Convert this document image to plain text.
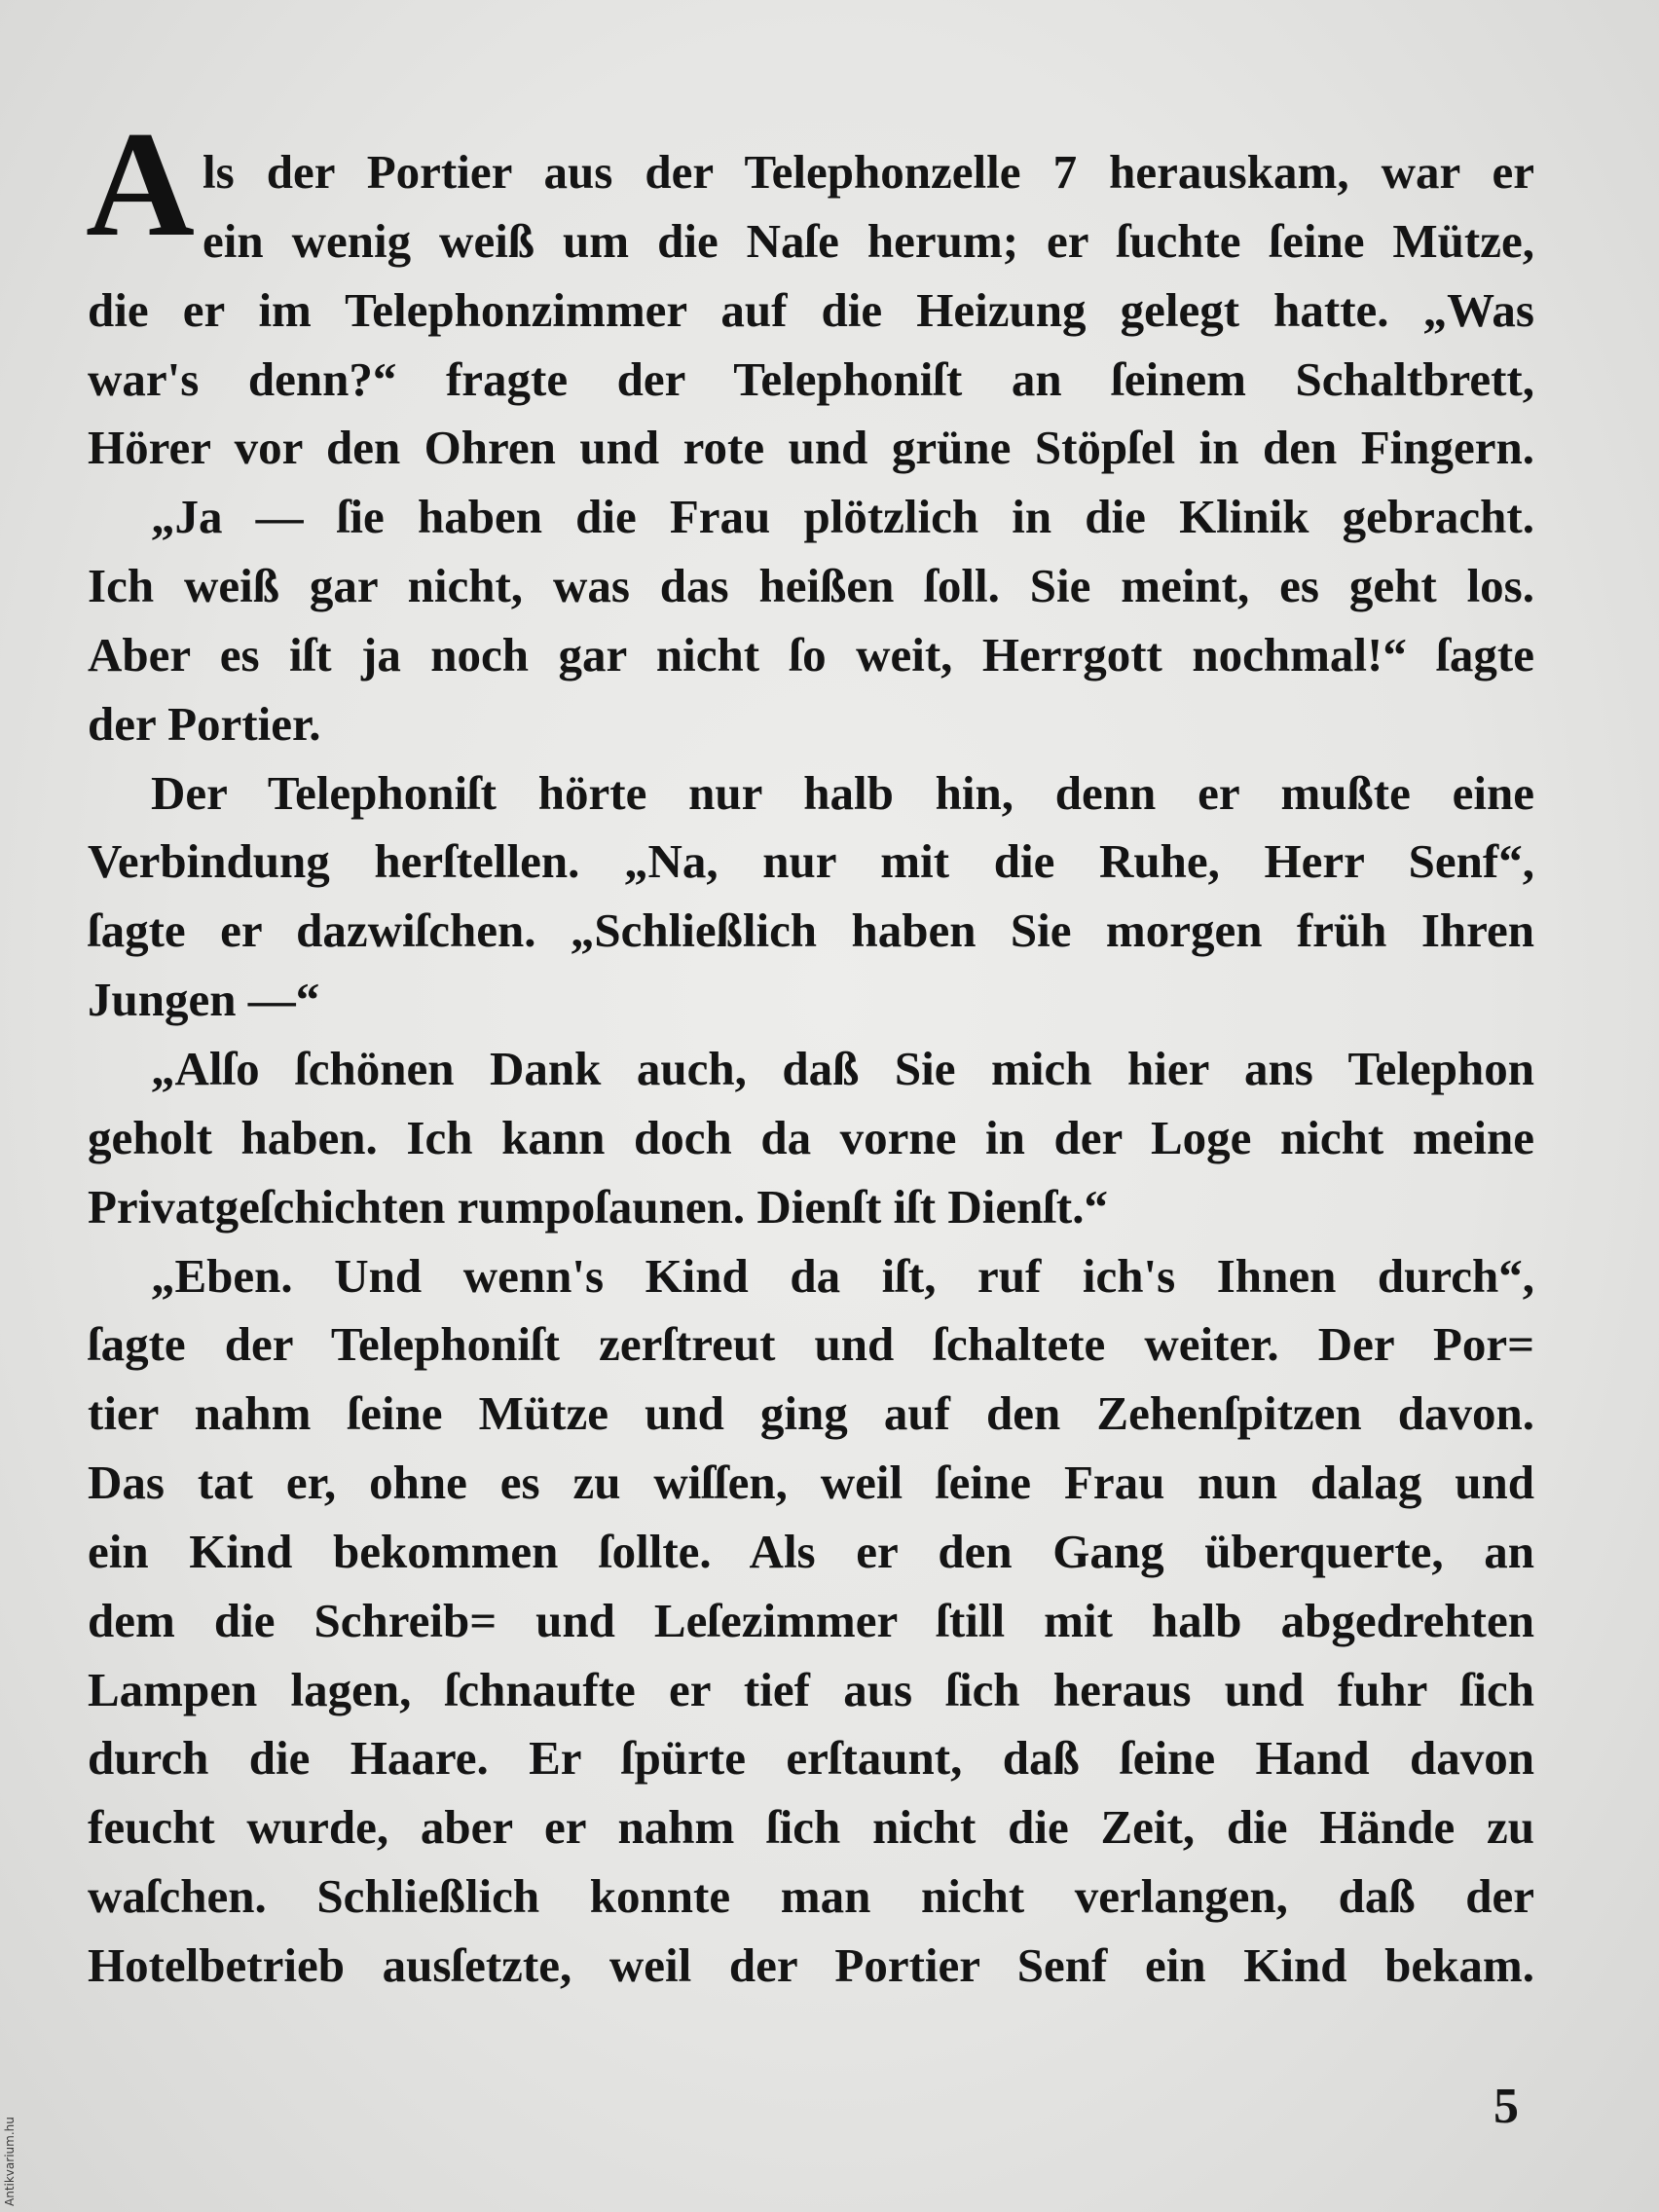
A ls der Portier aus der Telephonzelle 7 herauskam, war er
ein wenig weiß um die Naſe herum; er ſuchte ſeine Mütze,
die er im Telephonzimmer auf die Heizung gelegt hatte. „Was
war's denn?“ fragte der Telephoniſt an ſeinem Schaltbrett,
Hörer vor den Ohren und rote und grüne Stöpſel in den Fingern.
„Ja — ſie haben die Frau plötzlich in die Klinik gebracht.
Ich weiß gar nicht, was das heißen ſoll. Sie meint, es geht los.
Aber es iſt ja noch gar nicht ſo weit, Herrgott nochmal!“ ſagte
der Portier.
Der Telephoniſt hörte nur halb hin, denn er mußte eine
Verbindung herſtellen. „Na, nur mit die Ruhe, Herr Senf“,
ſagte er dazwiſchen. „Schließlich haben Sie morgen früh Ihren
Jungen —“
„Alſo ſchönen Dank auch, daß Sie mich hier ans Telephon
geholt haben. Ich kann doch da vorne in der Loge nicht meine
Privatgeſchichten rumpoſaunen. Dienſt iſt Dienſt.“
„Eben. Und wenn's Kind da iſt, ruf ich's Ihnen durch“,
ſagte der Telephoniſt zerſtreut und ſchaltete weiter. Der Por=
tier nahm ſeine Mütze und ging auf den Zehenſpitzen davon.
Das tat er, ohne es zu wiſſen, weil ſeine Frau nun dalag und
ein Kind bekommen ſollte. Als er den Gang überquerte, an
dem die Schreib= und Leſezimmer ſtill mit halb abgedrehten
Lampen lagen, ſchnaufte er tief aus ſich heraus und fuhr ſich
durch die Haare. Er ſpürte erſtaunt, daß ſeine Hand davon
feucht wurde, aber er nahm ſich nicht die Zeit, die Hände zu
waſchen. Schließlich konnte man nicht verlangen, daß der
Hotelbetrieb ausſetzte, weil der Portier Senf ein Kind bekam.
5
Antikvarium.hu
